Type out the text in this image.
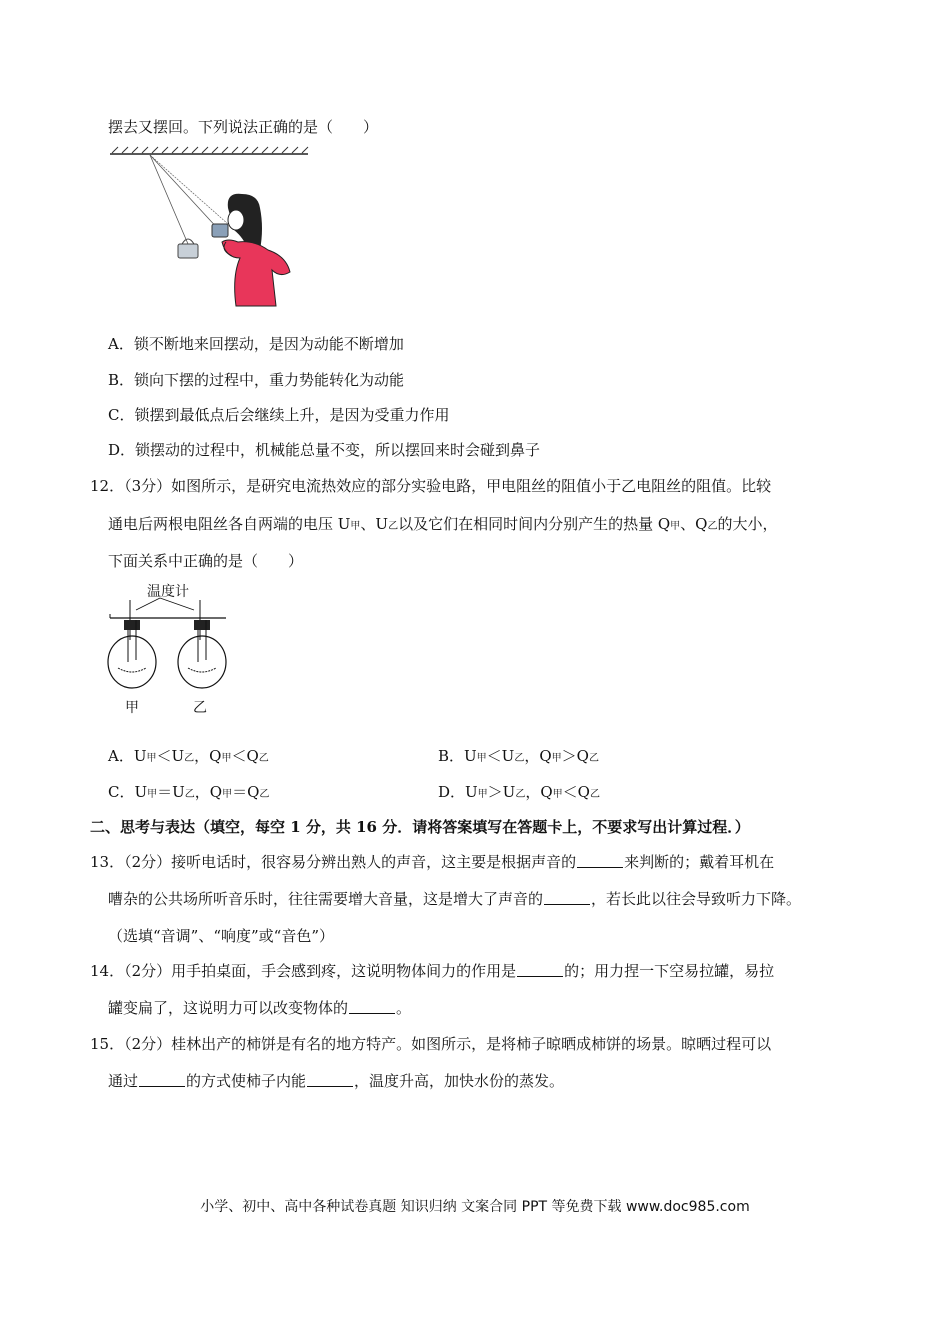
摆去又摆回。下列说法正确的是（　　）
A．锁不断地来回摆动，是因为动能不断增加
B．锁向下摆的过程中，重力势能转化为动能
C．锁摆到最低点后会继续上升，是因为受重力作用
D．锁摆动的过程中，机械能总量不变，所以摆回来时会碰到鼻子
12．（3分）如图所示，是研究电流热效应的部分实验电路，甲电阻丝的阻值小于乙电阻丝的阻值。比较
通电后两根电阻丝各自两端的电压 U甲、U乙以及它们在相同时间内分别产生的热量 Q甲、Q乙的大小，
下面关系中正确的是（　　）
温度计
甲	乙
A．U甲＜U乙，Q甲＜Q乙	B．U甲＜U乙，Q甲＞Q乙
C．U甲＝U乙，Q甲＝Q乙	D．U甲＞U乙，Q甲＜Q乙
二、思考与表达（填空，每空 1 分，共 16 分．请将答案填写在答题卡上，不要求写出计算过程．）
13．（2分）接听电话时，很容易分辨出熟人的声音，这主要是根据声音的	来判断的；戴着耳机在
嘈杂的公共场所听音乐时，往往需要增大音量，这是增大了声音的	，若长此以往会导致听力下降。
（选填“音调”、“响度”或“音色”）
14．（2分）用手拍桌面，手会感到疼，这说明物体间力的作用是	的；用力捏一下空易拉罐，易拉
罐变扁了，这说明力可以改变物体的	。
15．（2分）桂林出产的柿饼是有名的地方特产。如图所示，是将柿子晾晒成柿饼的场景。晾晒过程可以
通过	的方式使柿子内能	，温度升高，加快水份的蒸发。
小学、初中、高中各种试卷真题 知识归纳 文案合同 PPT 等免费下载 www.doc985.com
